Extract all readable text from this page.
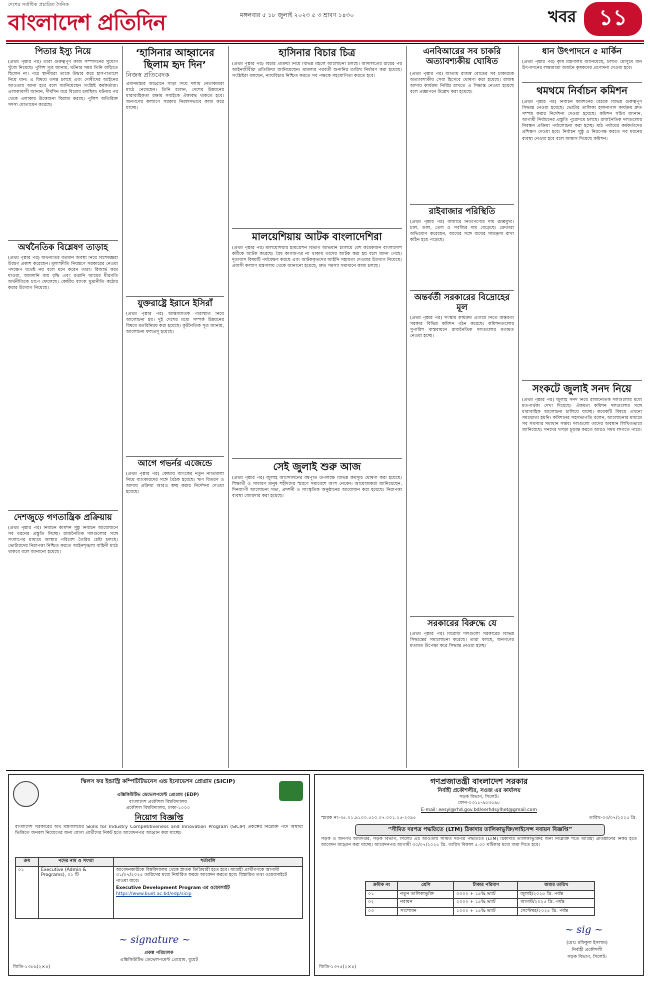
দেশের সর্বাধিক প্রচারিত দৈনিক
বাংলাদেশ প্রতিদিন	মঙ্গলবার ৫ ১৮ জুলাই ২০২৩ ৫ ৩ শ্রাবণ ১৪৩০	খবর	১১
পিতার ইস্যু নিয়ে
(প্রথম পৃষ্ঠার পর) তারা গুরুত্বপূর্ণ কাজ সম্পাদনের সুযোগ খুঁজে নিয়েছে। পুলিশ সূত্র জানায়, ঘটনার সময় তিনি বাড়িতে ছিলেন না। পরে স্থানীয়রা তাকে উদ্ধার করে হাসপাতালে নিয়ে যান। এ বিষয়ে তদন্ত চলছে এবং দোষীদের আইনের আওতায় আনা হবে বলে জানিয়েছেন সংশ্লিষ্ট কর্মকর্তারা। এলাকাবাসী জানান, দীর্ঘদিন ধরে বিরোধ চলছিল। ঘটনার পর থেকে এলাকায় উত্তেজনা বিরাজ করছে। পুলিশ অতিরিক্ত সদস্য মোতায়েন করেছে।
অর্থনৈতিক বিশ্লেষণ তাড়াহ
(প্রথম পৃষ্ঠার পর) অর্থনীতির বর্তমান অবস্থা নিয়ে বিশেষজ্ঞরা উদ্বেগ প্রকাশ করেছেন। মূল্যস্ফীতি নিয়ন্ত্রণে সরকারের নেওয়া পদক্ষেপ যথেষ্ট নয় বলে মনে করেন তারা। রিজার্ভ কমে যাওয়া, আমদানি ব্যয় বৃদ্ধি এবং রপ্তানি আয়ের ধীরগতি অর্থনীতিকে চাপে ফেলেছে। কেন্দ্রীয় ব্যাংক মুদ্রানীতি কঠোর করার উদ্যোগ নিয়েছে।
দেশজুড়ে গণতান্ত্রিক প্রক্রিয়ায়
(প্রথম পৃষ্ঠার পর) নির্বাচন কমিশন সুষ্ঠু নির্বাচন আয়োজনে সব ধরনের প্রস্তুতি নিচ্ছে। রাজনৈতিক দলগুলোর সঙ্গে সংলাপের মাধ্যমে আস্থার পরিবেশ তৈরির চেষ্টা চলছে। ভোটারদের নিরাপত্তা নিশ্চিত করতে আইনশৃঙ্খলা বাহিনী মাঠে থাকবে বলে জানানো হয়েছে।
‘হাসিনার আহ্বানের ছিলাম হৃদ দিন’
নিজস্ব প্রতিবেদক
প্রধানমন্ত্রীর আহ্বানে সাড়া দিয়ে দলীয় নেতাকর্মীরা মাঠে নেমেছেন। তিনি বলেন, দেশের উন্নয়নের ধারাবাহিকতা রক্ষায় সবাইকে ঐক্যবদ্ধ থাকতে হবে। জনগণের কল্যাণে সরকার নিরলসভাবে কাজ করে যাচ্ছে।
যুক্তরাষ্ট্রে ইরানে ইসিরাঁ
(প্রথম পৃষ্ঠার পর) আন্তর্জাতিক পরিস্থিতি নিয়ে আলোচনা হয়। দুই দেশের মধ্যে সম্পর্ক উন্নয়নের বিষয়ে মতবিনিময় করা হয়েছে। কূটনৈতিক সূত্র জানায়, আলোচনা ফলপ্রসূ হয়েছে।
আগে গভর্নর এজেন্ডে
(প্রথম পৃষ্ঠার পর) কেন্দ্রীয় ব্যাংকের নতুন নীতিমালা নিয়ে ব্যাংকারদের সঙ্গে বৈঠক হয়েছে। ঋণ বিতরণ ও আদায় প্রক্রিয়া আরও স্বচ্ছ করার নির্দেশনা দেওয়া হয়েছে।
হাসিনার বিচার চিত্র
(প্রথম পৃষ্ঠার পর) বিচার প্রক্রিয়া নিয়ে বিভিন্ন মহলে আলোচনা চলছে। আদালতের রায়ের পর আইনজীবীরা প্রতিক্রিয়া জানিয়েছেন। মামলার পরবর্তী শুনানির তারিখ নির্ধারণ করা হয়েছে। সংশ্লিষ্টরা বলছেন, ন্যায়বিচার নিশ্চিত করতে সব পক্ষকে সহযোগিতা করতে হবে।
মালয়েশিয়ায় আটক বাংলাদেশিরা
(প্রথম পৃষ্ঠার পর) মালয়েশিয়ার ইমিগ্রেশন বিভাগ অভিযান চালিয়ে বেশ কয়েকজন বাংলাদেশি কর্মীকে আটক করেছে। বৈধ কাগজপত্র না থাকায় তাদের আটক করা হয় বলে জানা গেছে। দূতাবাস বিষয়টি পর্যবেক্ষণ করছে এবং আটককৃতদের আইনি সহায়তা দেওয়ার উদ্যোগ নিয়েছে। প্রবাসী কল্যাণ মন্ত্রণালয় থেকে জানানো হয়েছে, দ্রুত সমস্যা সমাধানে কাজ চলছে।
সেই জুলাই শুরু আজ
(প্রথম পৃষ্ঠার পর) জুলাই আন্দোলনের বর্ষপূর্তি উপলক্ষে বিভিন্ন কর্মসূচি ঘোষণা করা হয়েছে। শিক্ষার্থী ও সাধারণ মানুষ শহীদদের স্মরণে সমাবেশে অংশ নেবেন। আয়োজকরা জানিয়েছেন, দিনব্যাপী আলোচনা সভা, প্রদর্শনী ও সাংস্কৃতিক অনুষ্ঠানের আয়োজন করা হয়েছে। নিরাপত্তা ব্যবস্থা জোরদার করা হয়েছে।
এনবিআরের সব চাকরি অত্যাবশ্যকীয় ঘোষিত
(প্রথম পৃষ্ঠার পর) জাতীয় রাজস্ব বোর্ডের সব চাকরিকে অত্যাবশ্যকীয় সেবা হিসেবে ঘোষণা করা হয়েছে। রাজস্ব আদায় কার্যক্রম নির্বিঘ্ন রাখতে এ সিদ্ধান্ত নেওয়া হয়েছে বলে প্রজ্ঞাপনে উল্লেখ করা হয়েছে।
রাইবাজার পরিস্থিতি
(প্রথম পৃষ্ঠার পর) বাজারে নিত্যপণ্যের দাম ঊর্ধ্বমুখী। চাল, ডাল, তেল ও সবজির দাম বেড়েছে। ক্রেতারা অভিযোগ করেছেন, আয়ের সঙ্গে ব্যয়ের সামঞ্জস্য রাখা কঠিন হয়ে পড়েছে।
অন্তর্বর্তী সরকারের বিদ্রোহের মূল
(প্রথম পৃষ্ঠার পর) সংস্কার কার্যক্রম এগিয়ে নিতে অন্তর্বর্তী সরকার বিভিন্ন কমিশন গঠন করেছে। কমিশনগুলোর সুপারিশ বাস্তবায়নে রাজনৈতিক দলগুলোর মতামত নেওয়া হচ্ছে।
সরকারের বিরুদ্ধে যে
(প্রথম পৃষ্ঠার পর) বিরোধী দলগুলো সরকারের বিভিন্ন সিদ্ধান্তের সমালোচনা করেছে। তারা বলছে, জনগণের মতামত উপেক্ষা করে সিদ্ধান্ত নেওয়া হচ্ছে।
ধান উৎপাদনে ৫ মার্কিন
(প্রথম পৃষ্ঠার পর) কৃষি মন্ত্রণালয় জানিয়েছে, চলতি মৌসুমে ধান উৎপাদনের লক্ষ্যমাত্রা অর্জনে কৃষকদের প্রণোদনা দেওয়া হবে।
থমথমে নির্বাচন কমিশন
(প্রথম পৃষ্ঠার পর) নির্বাচন কমিশনের বৈঠকে বিভিন্ন গুরুত্বপূর্ণ সিদ্ধান্ত নেওয়া হয়েছে। ভোটার তালিকা হালনাগাদ কার্যক্রম দ্রুত সম্পন্ন করার নির্দেশনা দেওয়া হয়েছে। কমিশন সচিব জানান, আগামী নির্বাচনের প্রস্তুতি পুরোদমে চলছে। রাজনৈতিক দলগুলোর নিবন্ধন প্রক্রিয়া পর্যালোচনা করা হচ্ছে। মাঠ পর্যায়ের কর্মকর্তাদের প্রশিক্ষণ দেওয়া হবে। নির্বাচন সুষ্ঠু ও নিরপেক্ষ করতে সব ধরনের ব্যবস্থা নেওয়া হবে বলে আশ্বাস দিয়েছে কমিশন।
সংকটে জুলাই সনদ নিয়ে
(প্রথম পৃষ্ঠার পর) জুলাই সনদ নিয়ে রাজনৈতিক দলগুলোর মধ্যে মতপার্থক্য দেখা দিয়েছে। ঐকমত্য কমিশন দলগুলোর সঙ্গে ধারাবাহিক আলোচনা চালিয়ে যাচ্ছে। কয়েকটি বিষয়ে এখনো সমঝোতা হয়নি। কমিশনের সহসভাপতি বলেন, আলোচনার মাধ্যমে সব সমস্যার সমাধান সম্ভব। দলগুলো তাদের অবস্থান লিখিতভাবে জানিয়েছে। সনদের খসড়া চূড়ান্ত করতে আরও সময় লাগতে পারে।
স্কিলস ফর ইন্ডাস্ট্রি কম্পিটিটিভনেস এন্ড ইনোভেশন প্রোগ্রাম (SICIP)
এক্সিকিউটিভ ডেভেলপমেন্ট প্রোগ্রাম (EDP)
বাংলাদেশ প্রকৌশল বিশ্ববিদ্যালয়
প্রকৌশল বিশ্ববিদ্যালয়, ঢাকা-১০০০
নিয়োগ বিজ্ঞপ্তি
বাংলাদেশ সরকারের অর্থ মন্ত্রণালয়ের Skills for Industry Competitiveness and Innovation Program (SICIP) প্রকল্পের নিম্নোক্ত পদে অস্থায়ী ভিত্তিতে জনবল নিয়োগের জন্য যোগ্য প্রার্থীদের নিকট হতে আবেদনপত্র আহ্বান করা যাচ্ছে।
ক্রম	পদের নাম ও সংখ্যা	শর্তাবলি
০১	Executive (Admin & Programs), ০১ টি	আবেদনকারীকে বিশ্ববিদ্যালয় থেকে স্নাতক ডিগ্রিধারী হতে হবে। আগ্রহী প্রার্থীগণকে আগামী ৩১/০৭/২০২৫ তারিখের মধ্যে নির্ধারিত ফরমে আবেদন করতে হবে। বিস্তারিত তথ্য ওয়েবসাইটে পাওয়া যাবে।
Executive Development Program এর ওয়েবসাইট
https://www.buet.ac.bd/edp/sicip
~ signature ~
প্রকল্প পরিচালক
এক্সিকিউটিভ ডেভেলপমেন্ট প্রোগ্রাম, বুয়েট
জিডি-১৩৮৯(২×৪)
গণপ্রজাতন্ত্রী বাংলাদেশ সরকার
নির্বাহী প্রকৌশলীর, সওজ এর কার্যালয়
সড়ক বিভাগ, সিলেট।
ফোন-০৩১৮-৯৫৩৫৯৮
E-mail: eesyl@rhd.gov.bd/eerhdsylhet@gmail.com
স্মারক নং-৩৫.০১.৯১০০.৫২০.০৭.০০১.২৫-২০৯৫	তারিখ-০৩/০৭/২০২৫ খ্রি.
“সীমিত দরপত্র পদ্ধতিতে (LTM) ঠিকাদার তালিকাভুক্তি/লাইসেন্স নবায়ন বিজ্ঞপ্তি”
সড়ক ও জনপথ অধিদপ্তর, সড়ক বিভাগ, সিলেট এর আওতায় সীমিত দরপত্র পদ্ধতিতে (LTM) ঠিকাদার তালিকাভুক্তির জন্য নিম্নোক্ত শর্তে আগ্রহী প্রতিষ্ঠানের নিকট হতে আবেদন আহ্বান করা যাচ্ছে। আবেদনপত্র আগামী ৩০/০৭/২০২৫ খ্রি. তারিখ বিকাল ৫.০০ ঘটিকার মধ্যে জমা দিতে হবে।
ক্রমিক নং	শ্রেণি	টাকার পরিমাণ	জমার তারিখ
০১	নতুন তালিকাভুক্তি	৩০০০ + ১৫% ভ্যাট	জুলাই/২০২৫ খ্রি. পর্যন্ত
০২	নবায়ন	২০০০ + ১৫% ভ্যাট	আগস্ট/২০২৫ খ্রি. পর্যন্ত
০৩	সংশোধন	১০০০ + ১৫% ভ্যাট	সেপ্টেম্বর/২০২৫ খ্রি. পর্যন্ত
~ sig ~
(মোঃ রফিকুল ইসলাম)
নির্বাহী প্রকৌশলী
সড়ক বিভাগ, সিলেট।
জিডি-১৩৭৪(২×৪)
